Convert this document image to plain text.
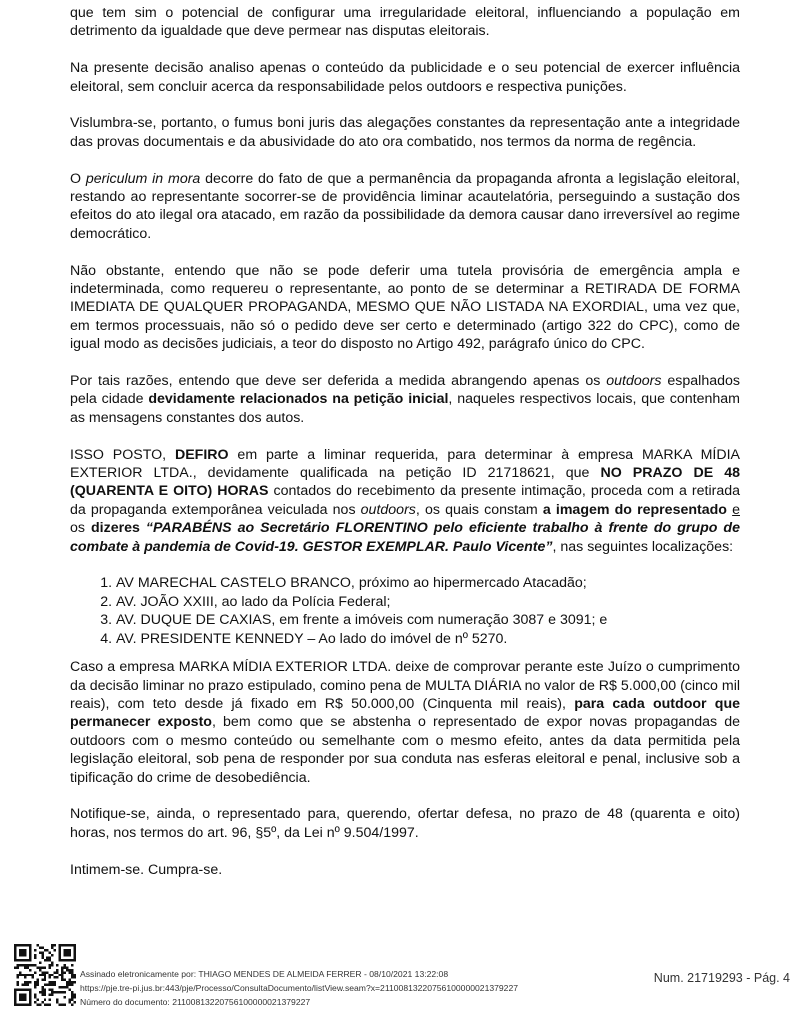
que tem sim o potencial de configurar uma irregularidade eleitoral, influenciando a população em detrimento da igualdade que deve permear nas disputas eleitorais.

Na presente decisão analiso apenas o conteúdo da publicidade e o seu potencial de exercer influência eleitoral, sem concluir acerca da responsabilidade pelos outdoors e respectiva punições.

Vislumbra-se, portanto, o fumus boni juris das alegações constantes da representação ante a integridade das provas documentais e da abusividade do ato ora combatido, nos termos da norma de regência.

O periculum in mora decorre do fato de que a permanência da propaganda afronta a legislação eleitoral, restando ao representante socorrer-se de providência liminar acautelatória, perseguindo a sustação dos efeitos do ato ilegal ora atacado, em razão da possibilidade da demora causar dano irreversível ao regime democrático.

Não obstante, entendo que não se pode deferir uma tutela provisória de emergência ampla e indeterminada, como requereu o representante, ao ponto de se determinar a RETIRADA DE FORMA IMEDIATA DE QUALQUER PROPAGANDA, MESMO QUE NÃO LISTADA NA EXORDIAL, uma vez que, em termos processuais, não só o pedido deve ser certo e determinado (artigo 322 do CPC), como de igual modo as decisões judiciais, a teor do disposto no Artigo 492, parágrafo único do CPC.

Por tais razões, entendo que deve ser deferida a medida abrangendo apenas os outdoors espalhados pela cidade devidamente relacionados na petição inicial, naqueles respectivos locais, que contenham as mensagens constantes dos autos.

ISSO POSTO, DEFIRO em parte a liminar requerida, para determinar à empresa MARKA MÍDIA EXTERIOR LTDA., devidamente qualificada na petição ID 21718621, que NO PRAZO DE 48 (QUARENTA E OITO) HORAS contados do recebimento da presente intimação, proceda com a retirada da propaganda extemporânea veiculada nos outdoors, os quais constam a imagem do representado e os dizeres “PARABÉNS ao Secretário FLORENTINO pelo eficiente trabalho à frente do grupo de combate à pandemia de Covid-19. GESTOR EXEMPLAR. Paulo Vicente”, nas seguintes localizações:

1. AV MARECHAL CASTELO BRANCO, próximo ao hipermercado Atacadão;
2. AV. JOÃO XXIII, ao lado da Polícia Federal;
3. AV. DUQUE DE CAXIAS, em frente a imóveis com numeração 3087 e 3091; e
4. AV. PRESIDENTE KENNEDY – Ao lado do imóvel de nº 5270.

Caso a empresa MARKA MÍDIA EXTERIOR LTDA. deixe de comprovar perante este Juízo o cumprimento da decisão liminar no prazo estipulado, comino pena de MULTA DIÁRIA no valor de R$ 5.000,00 (cinco mil reais), com teto desde já fixado em R$ 50.000,00 (Cinquenta mil reais), para cada outdoor que permanecer exposto, bem como que se abstenha o representado de expor novas propagandas de outdoors com o mesmo conteúdo ou semelhante com o mesmo efeito, antes da data permitida pela legislação eleitoral, sob pena de responder por sua conduta nas esferas eleitoral e penal, inclusive sob a tipificação do crime de desobediência.

Notifique-se, ainda, o representado para, querendo, ofertar defesa, no prazo de 48 (quarenta e oito) horas, nos termos do art. 96, §5º, da Lei nº 9.504/1997.

Intimem-se. Cumpra-se.

Assinado eletronicamente por: THIAGO MENDES DE ALMEIDA FERRER - 08/10/2021 13:22:08
https://pje.tre-pi.jus.br:443/pje/Processo/ConsultaDocumento/listView.seam?x=21100813220756100000021379227
Número do documento: 21100813220756100000021379227
Num. 21719293 - Pág. 4
